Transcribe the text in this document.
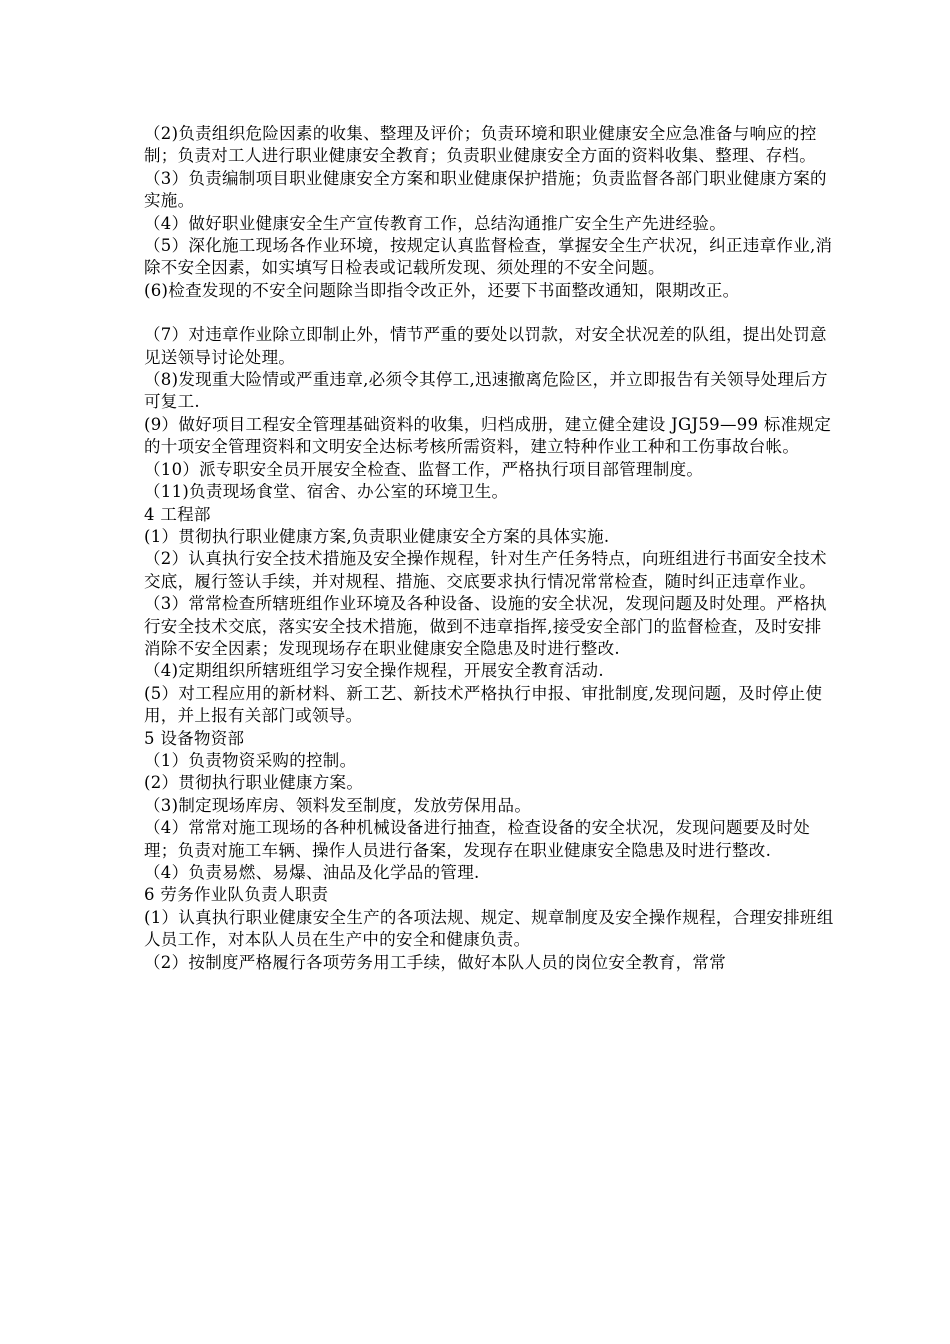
（2)负责组织危险因素的收集、整理及评价；负责环境和职业健康安全应急准备与响应的控制；负责对工人进行职业健康安全教育；负责职业健康安全方面的资料收集、整理、存档。

（3）负责编制项目职业健康安全方案和职业健康保护措施；负责监督各部门职业健康方案的实施。

（4）做好职业健康安全生产宣传教育工作，总结沟通推广安全生产先进经验。

（5）深化施工现场各作业环境，按规定认真监督检查，掌握安全生产状况，纠正违章作业,消除不安全因素，如实填写日检表或记载所发现、须处理的不安全问题。

(6)检查发现的不安全问题除当即指令改正外，还要下书面整改通知，限期改正。

（7）对违章作业除立即制止外，情节严重的要处以罚款，对安全状况差的队组，提出处罚意见送领导讨论处理。

（8)发现重大险情或严重违章,必须令其停工,迅速撤离危险区，并立即报告有关领导处理后方可复工.

(9）做好项目工程安全管理基础资料的收集，归档成册，建立健全建设 JGJ59—99 标准规定的十项安全管理资料和文明安全达标考核所需资料，建立特种作业工种和工伤事故台帐。

（10）派专职安全员开展安全检查、监督工作，严格执行项目部管理制度。

（11)负责现场食堂、宿舍、办公室的环境卫生。

4 工程部

(1）贯彻执行职业健康方案,负责职业健康安全方案的具体实施.

（2）认真执行安全技术措施及安全操作规程，针对生产任务特点，向班组进行书面安全技术交底，履行签认手续，并对规程、措施、交底要求执行情况常常检查，随时纠正违章作业。

（3）常常检查所辖班组作业环境及各种设备、设施的安全状况，发现问题及时处理。严格执行安全技术交底，落实安全技术措施，做到不违章指挥,接受安全部门的监督检查，及时安排消除不安全因素；发现现场存在职业健康安全隐患及时进行整改.

（4)定期组织所辖班组学习安全操作规程，开展安全教育活动.

(5）对工程应用的新材料、新工艺、新技术严格执行申报、审批制度,发现问题，及时停止使用，并上报有关部门或领导。

5 设备物资部

（1）负责物资采购的控制。

(2）贯彻执行职业健康方案。

（3)制定现场库房、领料发至制度，发放劳保用品。

（4）常常对施工现场的各种机械设备进行抽查，检查设备的安全状况，发现问题要及时处理；负责对施工车辆、操作人员进行备案，发现存在职业健康安全隐患及时进行整改.

（4）负责易燃、易爆、油品及化学品的管理.

6 劳务作业队负责人职责

(1）认真执行职业健康安全生产的各项法规、规定、规章制度及安全操作规程，合理安排班组人员工作，对本队人员在生产中的安全和健康负责。

（2）按制度严格履行各项劳务用工手续，做好本队人员的岗位安全教育，常常
